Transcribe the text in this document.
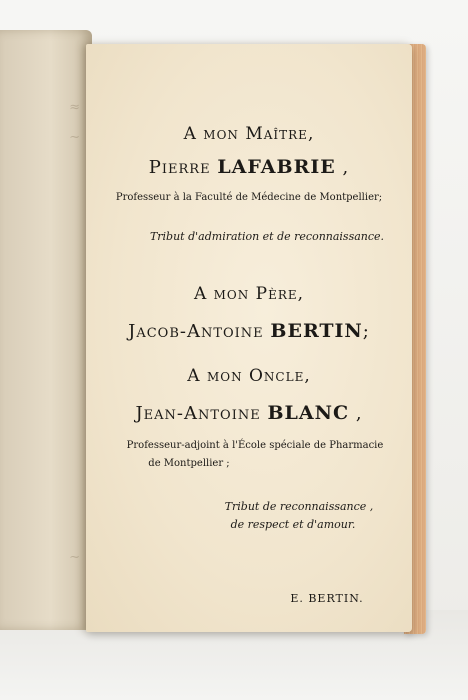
≈
∼
∼
A mon Maître,
Pierre LAFABRIE ,
Professeur à la Faculté de Médecine de Montpellier;
Tribut d'admiration et de reconnaissance.
A mon Père,
Jacob-Antoine BERTIN;
A mon Oncle,
Jean-Antoine BLANC ,
Professeur-adjoint à l'École spéciale de Pharmacie
de Montpellier ;
Tribut de reconnaissance ,
de respect et d'amour.
E. BERTIN.
